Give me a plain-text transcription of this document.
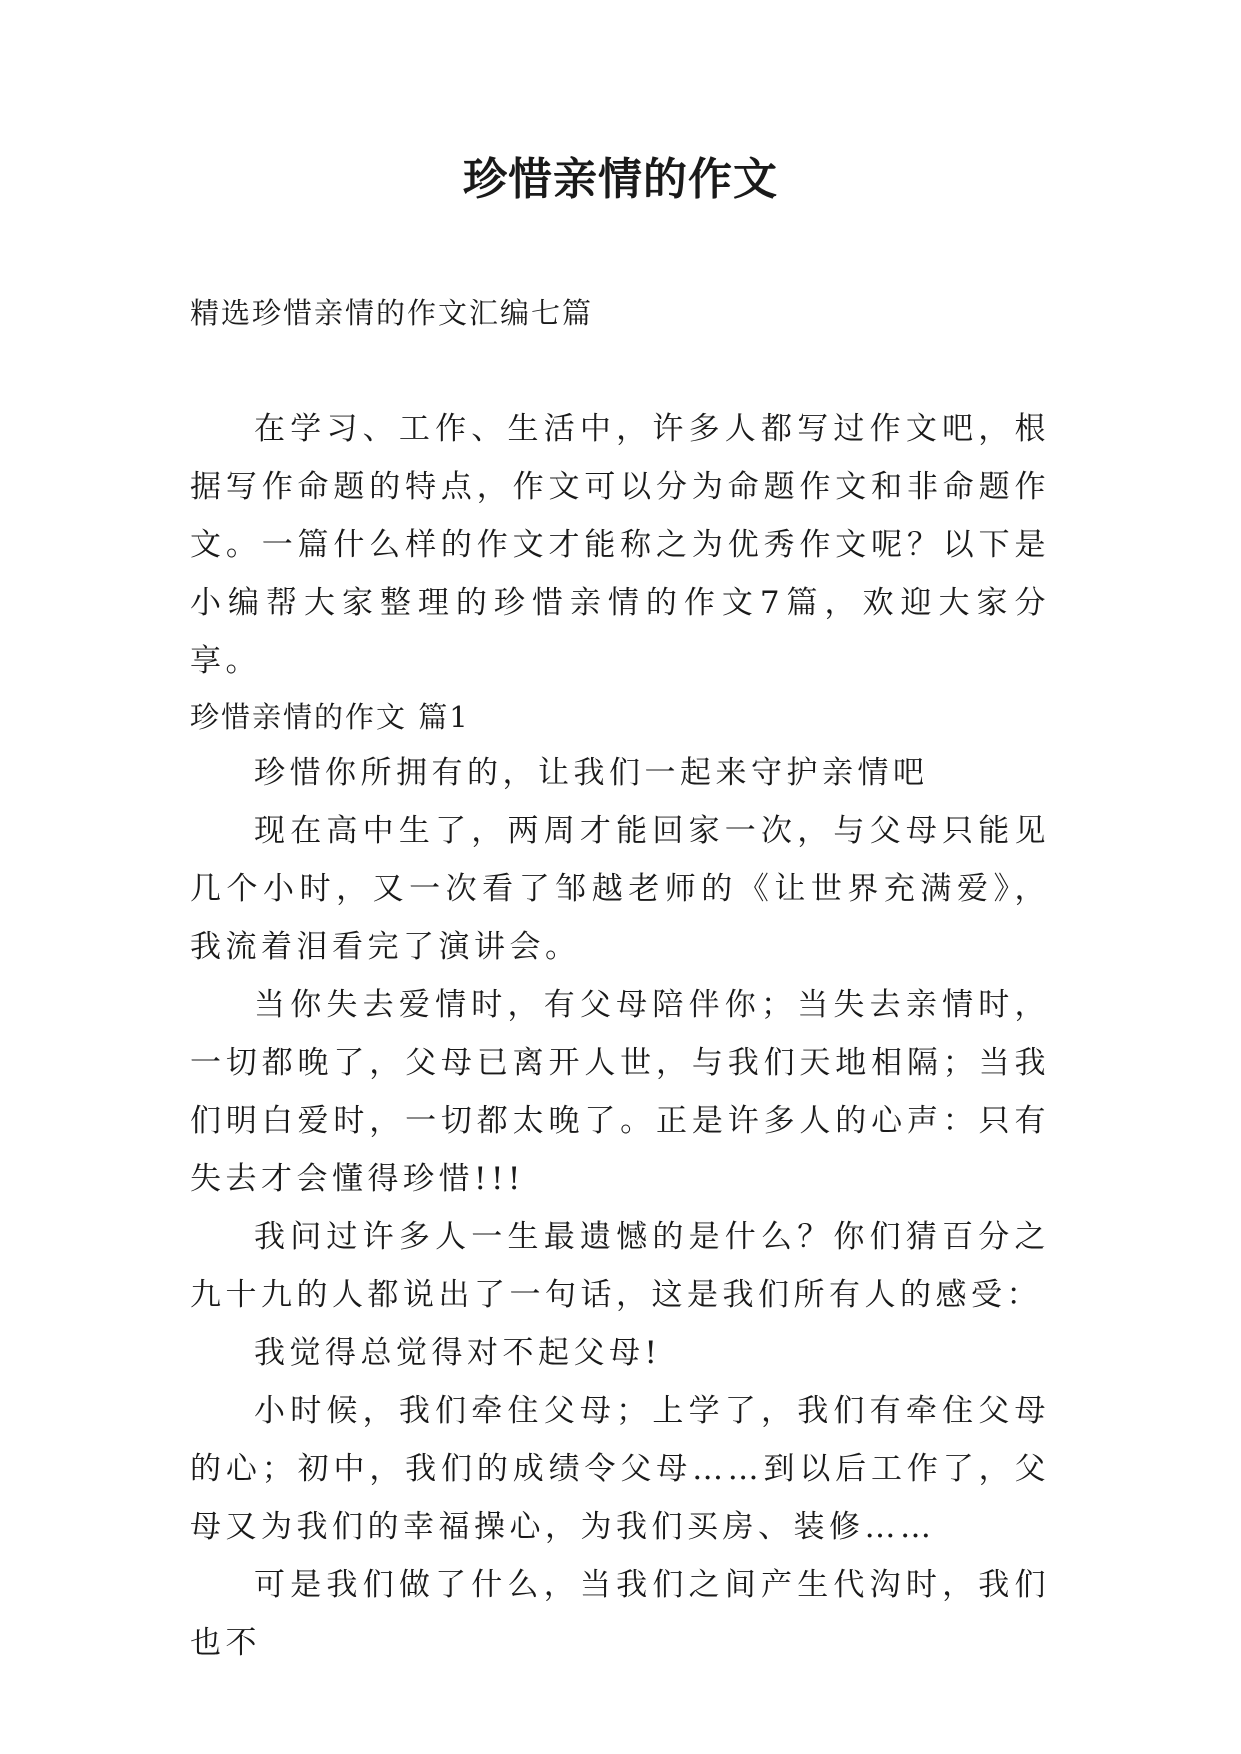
珍惜亲情的作文
精选珍惜亲情的作文汇编七篇

在学习、工作、生活中，许多人都写过作文吧，根据写作命题的特点，作文可以分为命题作文和非命题作文。一篇什么样的作文才能称之为优秀作文呢？以下是小编帮大家整理的珍惜亲情的作文7篇，欢迎大家分享。

珍惜亲情的作文 篇1

珍惜你所拥有的，让我们一起来守护亲情吧

现在高中生了，两周才能回家一次，与父母只能见几个小时，又一次看了邹越老师的《让世界充满爱》，我流着泪看完了演讲会。

当你失去爱情时，有父母陪伴你；当失去亲情时，一切都晚了，父母已离开人世，与我们天地相隔；当我们明白爱时，一切都太晚了。正是许多人的心声：只有失去才会懂得珍惜!!!

我问过许多人一生最遗憾的是什么？你们猜百分之九十九的人都说出了一句话，这是我们所有人的感受：

我觉得总觉得对不起父母!

小时候，我们牵住父母；上学了，我们有牵住父母的心；初中，我们的成绩令父母……到以后工作了，父母又为我们的幸福操心，为我们买房、装修……

可是我们做了什么，当我们之间产生代沟时，我们也不
